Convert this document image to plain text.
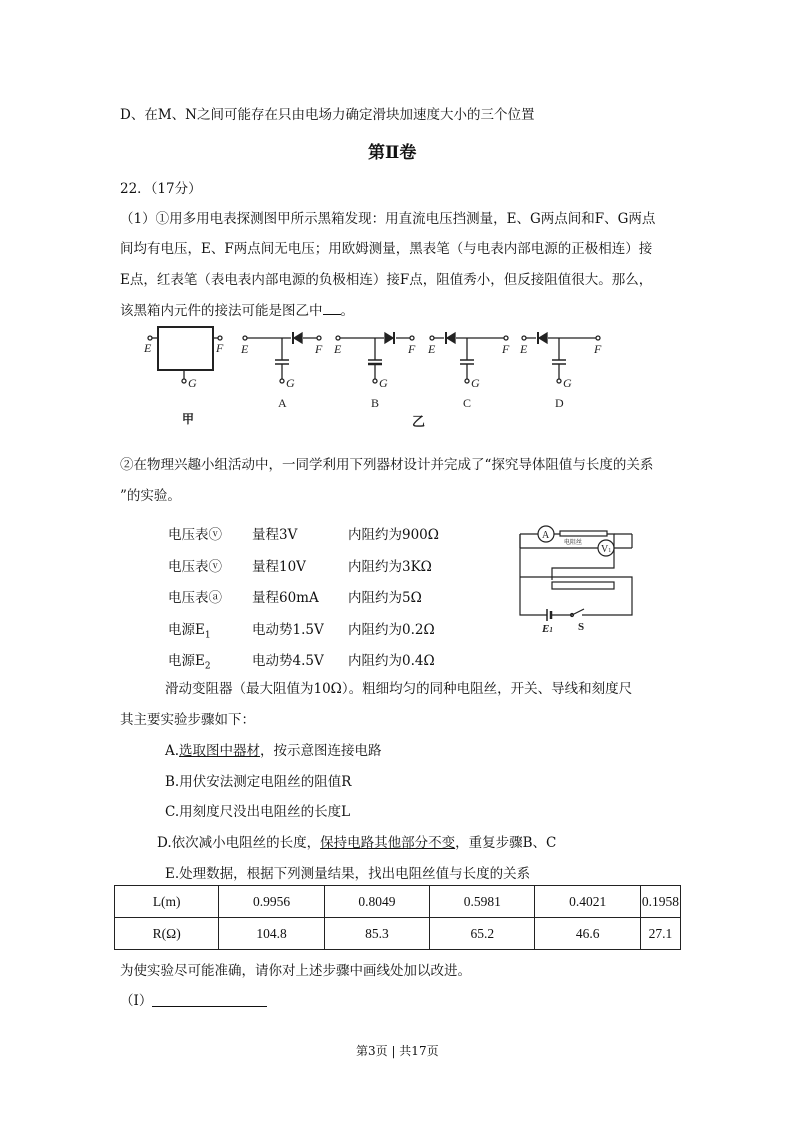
D、在M、N之间可能存在只由电场力确定滑块加速度大小的三个位置
第Ⅱ卷
22．（17分）
（1）①用多用电表探测图甲所示黑箱发现：用直流电压挡测量，E、G两点间和F、G两点
间均有电压，E、F两点间无电压；用欧姆测量，黑表笔（与电表内部电源的正极相连）接
E点，红表笔（表电表内部电源的负极相连）接F点，阻值秀小，但反接阻值很大。那么，
该黑箱内元件的接法可能是图乙中 。
E	F
G
甲
E	F
G
A
E	F
G
B
E	F
G
C
E	F
G
D
乙
②在物理兴趣小组活动中，一同学利用下列器材设计并完成了“探究导体阻值与长度的关系
”的实验。
电压表ⓥ 量程3V	内阻约为900Ω
电压表ⓥ 量程10V	内阻约为3KΩ
电压表ⓐ 量程60mA 内阻约为5Ω
电源$E_1$	电动势1.5V 内阻约为0.2Ω
电源$E_2$	电动势4.5V 内阻约为0.4Ω
A
电阻丝
V1
E1 S
滑动变阻器（最大阻值为10Ω）。粗细均匀的同种电阻丝，开关、导线和刻度尺
其主要实验步骤如下：
A.选取图中器材，按示意图连接电路
B.用伏安法测定电阻丝的阻值R
C.用刻度尺没出电阻丝的长度L
D.依次减小电阻丝的长度，保持电路其他部分不变，重复步骤B、C
E.处理数据，根据下列测量结果，找出电阻丝值与长度的关系
L(m)	0.9956	0.8049	0.5981	0.4021	0.1958
R(Ω)	104.8	85.3	65.2	46.6	27.1
为使实验尽可能准确，请你对上述步骤中画线处加以改进。
（I）
第3页 | 共17页
